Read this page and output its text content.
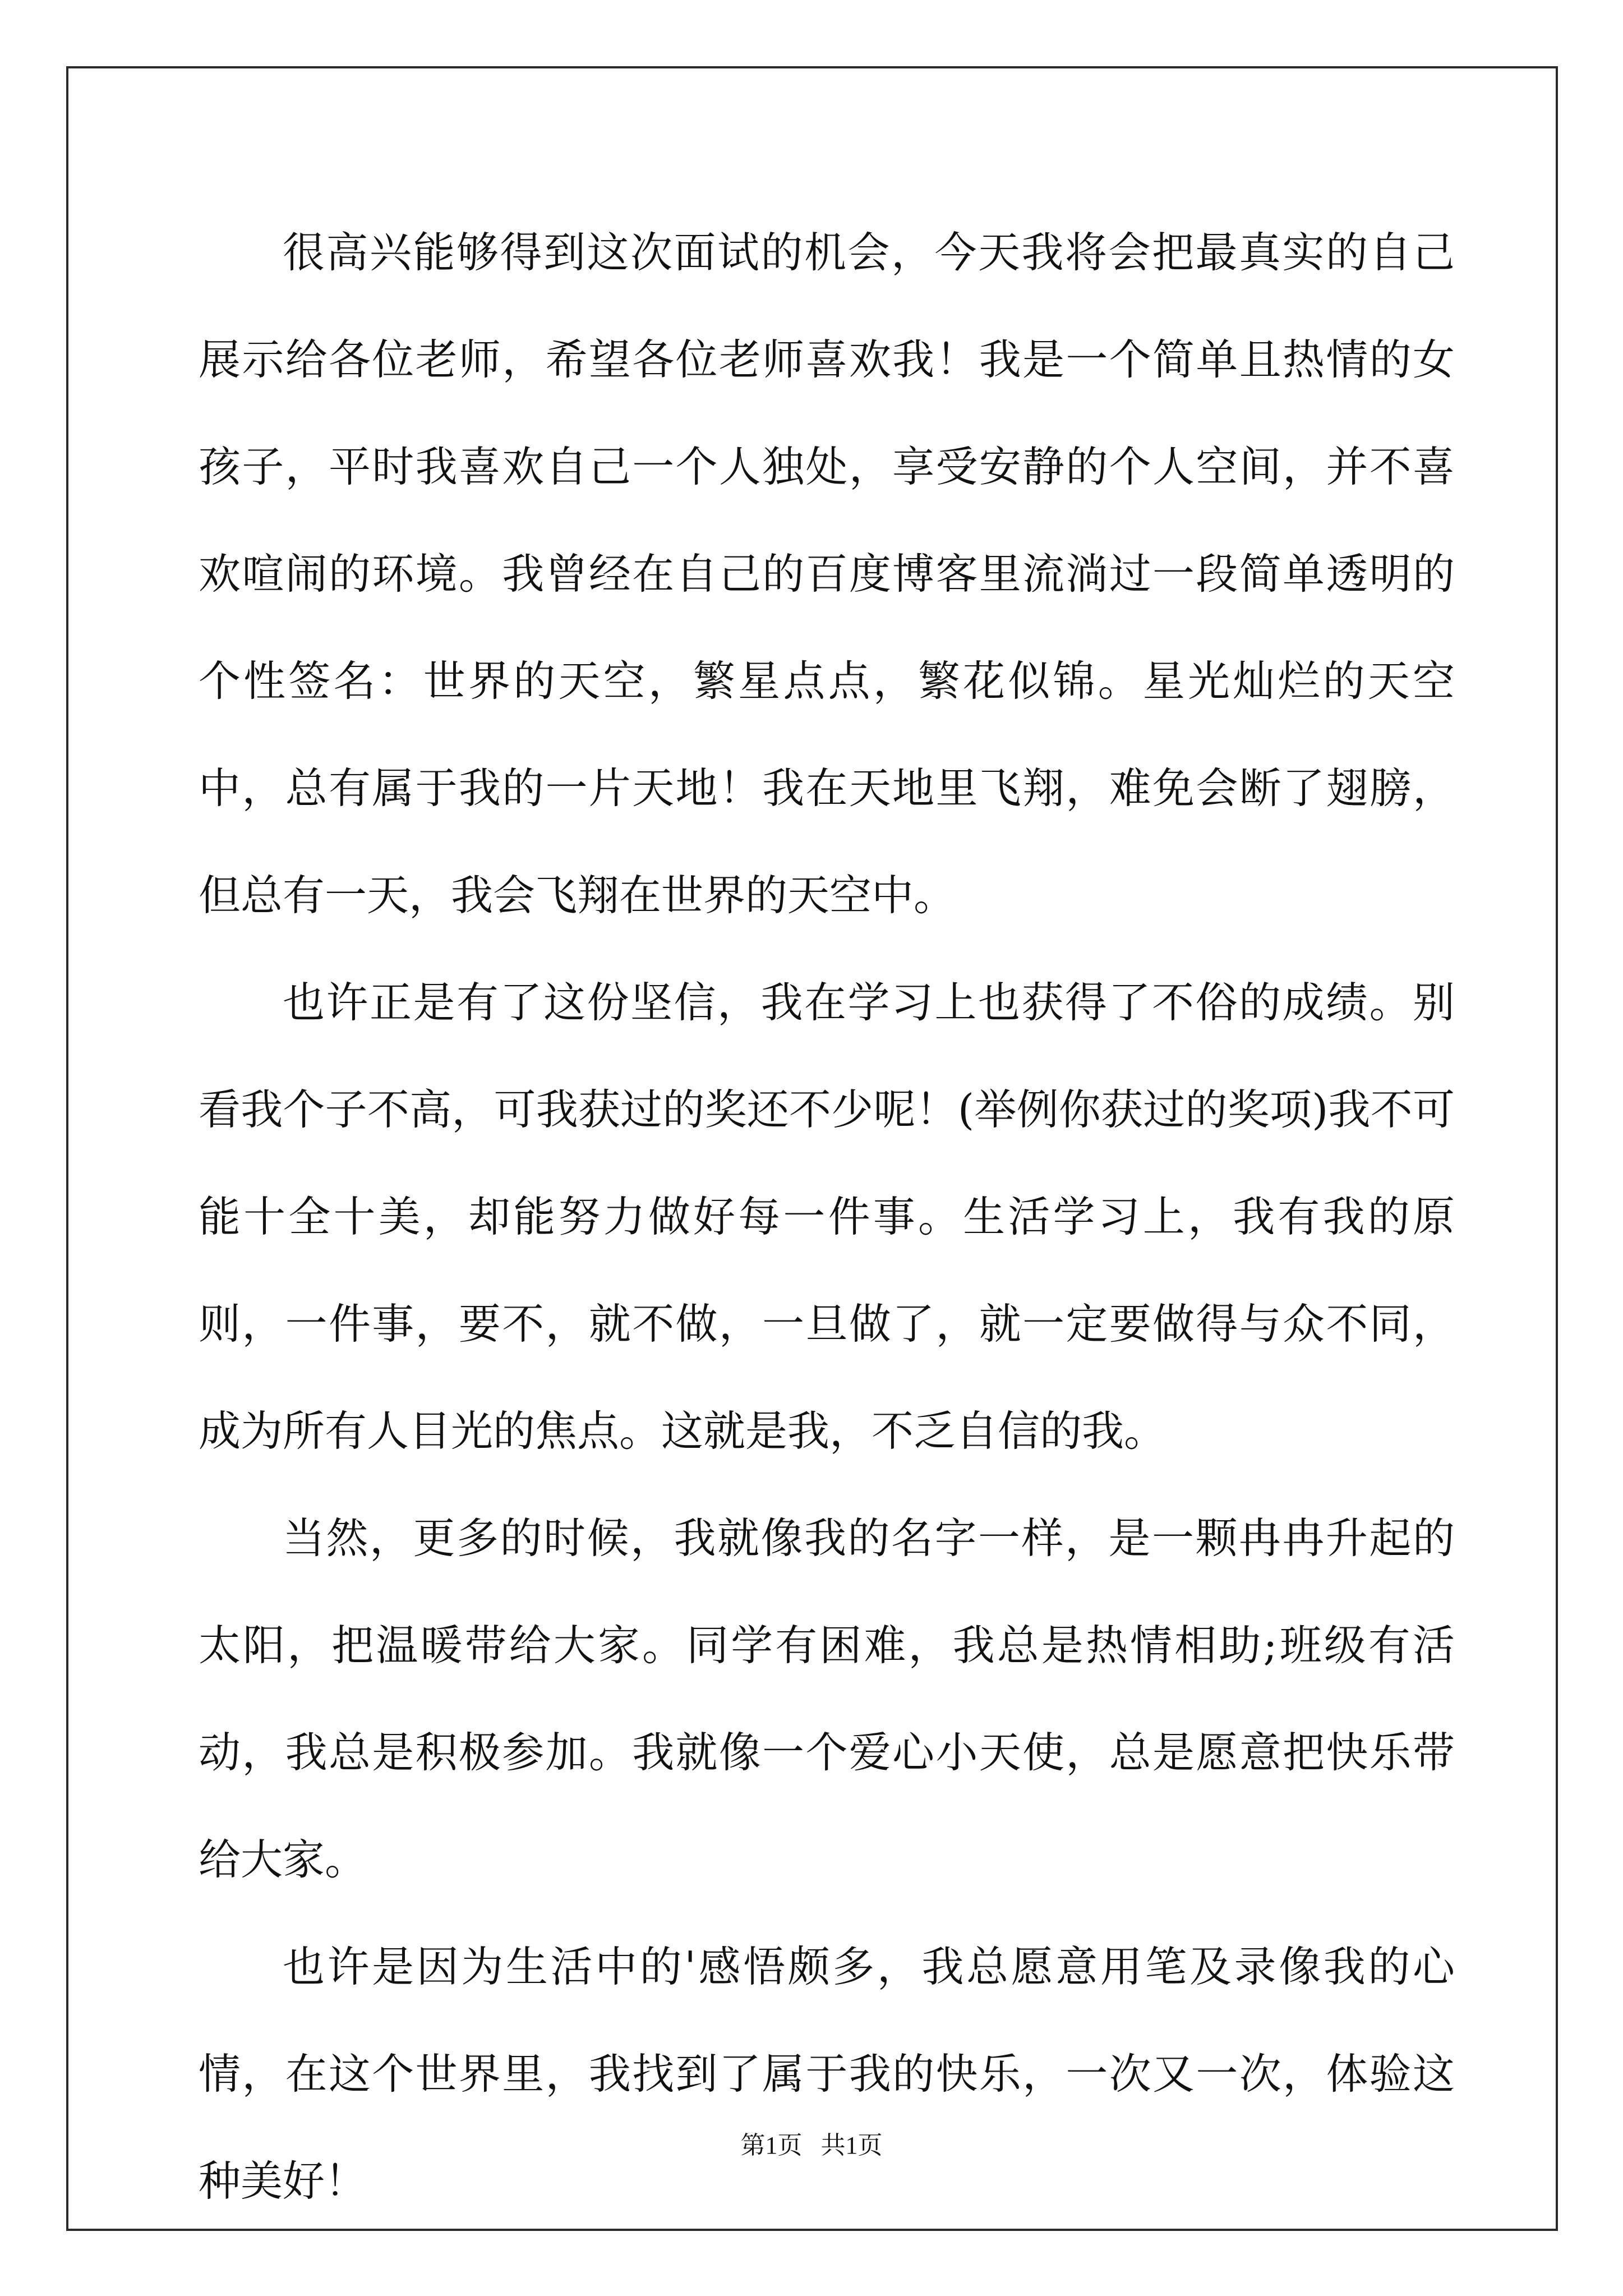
很高兴能够得到这次面试的机会，今天我将会把最真实的自己展示给各位老师，希望各位老师喜欢我！我是一个简单且热情的女孩子，平时我喜欢自己一个人独处，享受安静的个人空间，并不喜欢喧闹的环境。我曾经在自己的百度博客里流淌过一段简单透明的个性签名：世界的天空，繁星点点，繁花似锦。星光灿烂的天空中，总有属于我的一片天地！我在天地里飞翔，难免会断了翅膀，但总有一天，我会飞翔在世界的天空中。

也许正是有了这份坚信，我在学习上也获得了不俗的成绩。别看我个子不高，可我获过的奖还不少呢！(举例你获过的奖项)我不可能十全十美，却能努力做好每一件事。生活学习上，我有我的原则，一件事，要不，就不做，一旦做了，就一定要做得与众不同，成为所有人目光的焦点。这就是我，不乏自信的我。

当然，更多的时候，我就像我的名字一样，是一颗冉冉升起的太阳，把温暖带给大家。同学有困难，我总是热情相助;班级有活动，我总是积极参加。我就像一个爱心小天使，总是愿意把快乐带给大家。

也许是因为生活中的'感悟颇多，我总愿意用笔及录像我的心情，在这个世界里，我找到了属于我的快乐，一次又一次，体验这种美好！

第1页   共1页
